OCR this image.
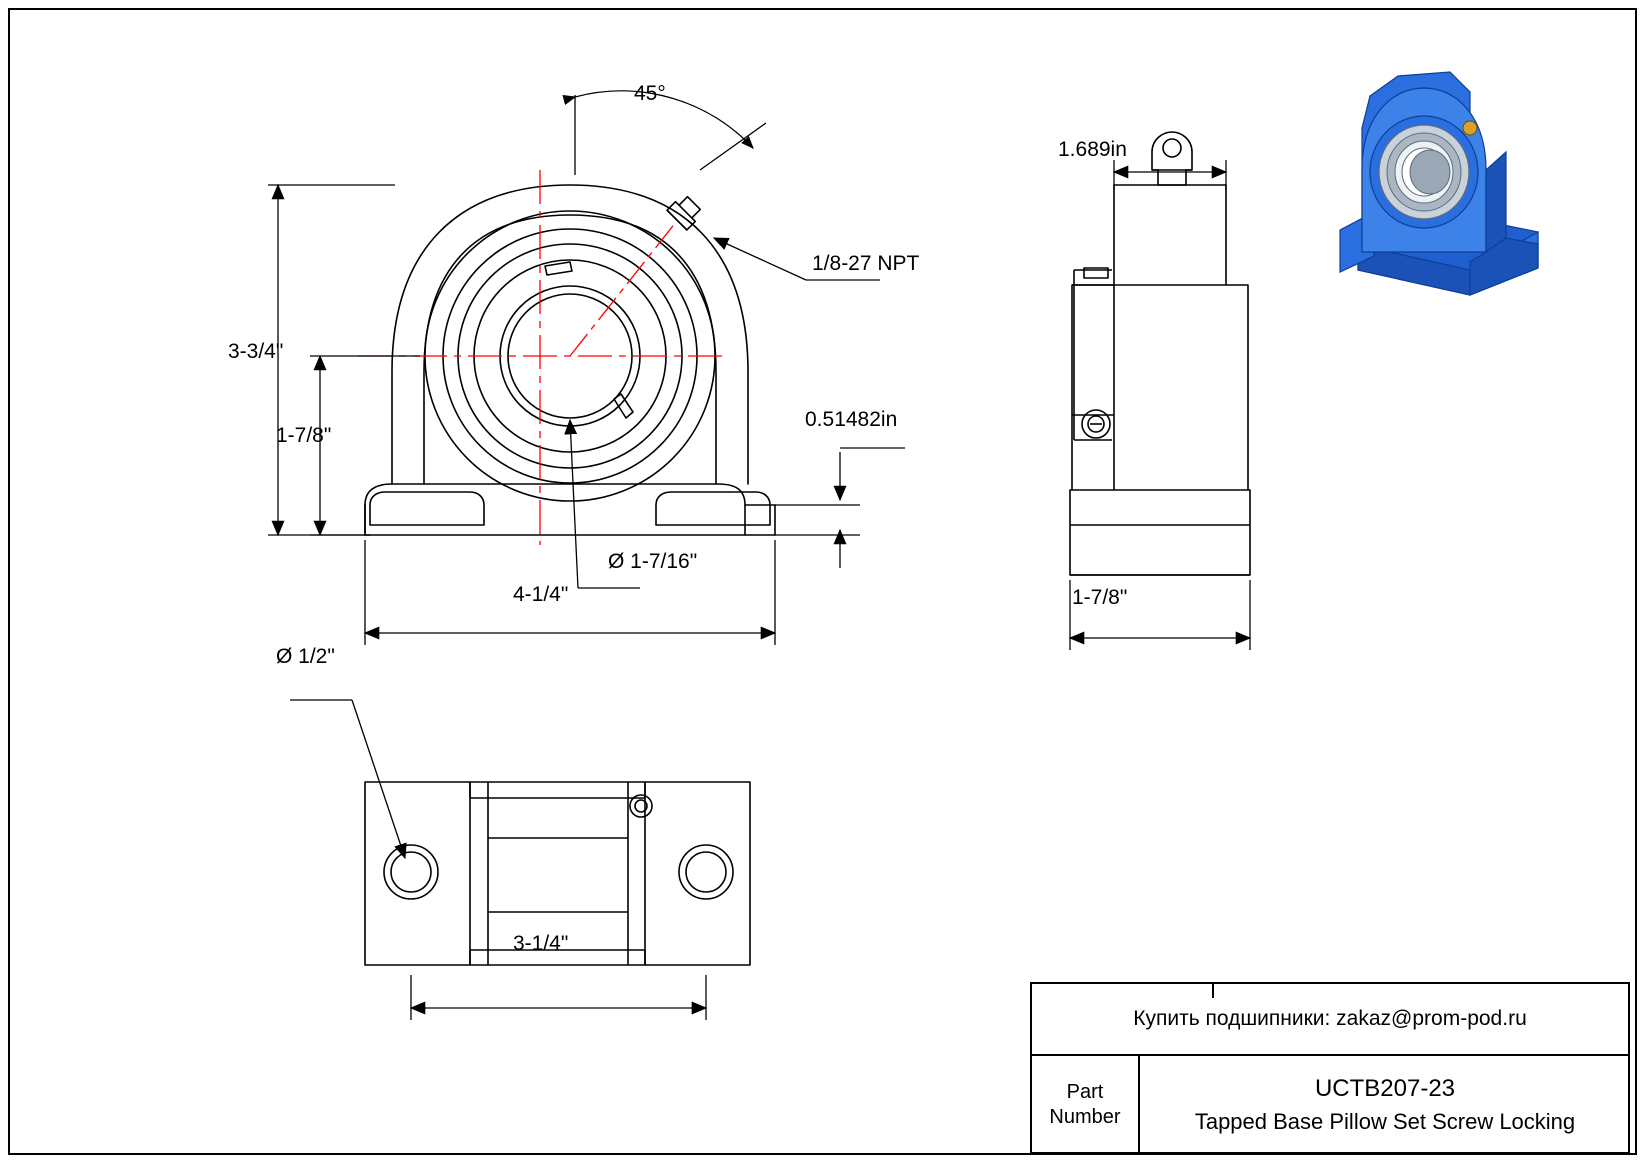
45°
1/8-27 NPT
3-3/4"
1-7/8"
4-1/4"
Ø 1-7/16"
0.51482in
1.689in
1-7/8"
Ø 1/2"
3-1/4"
Купить подшипники: zakaz@prom-pod.ru
Part
Number
UCTB207-23
Tapped Base Pillow Set Screw Locking
